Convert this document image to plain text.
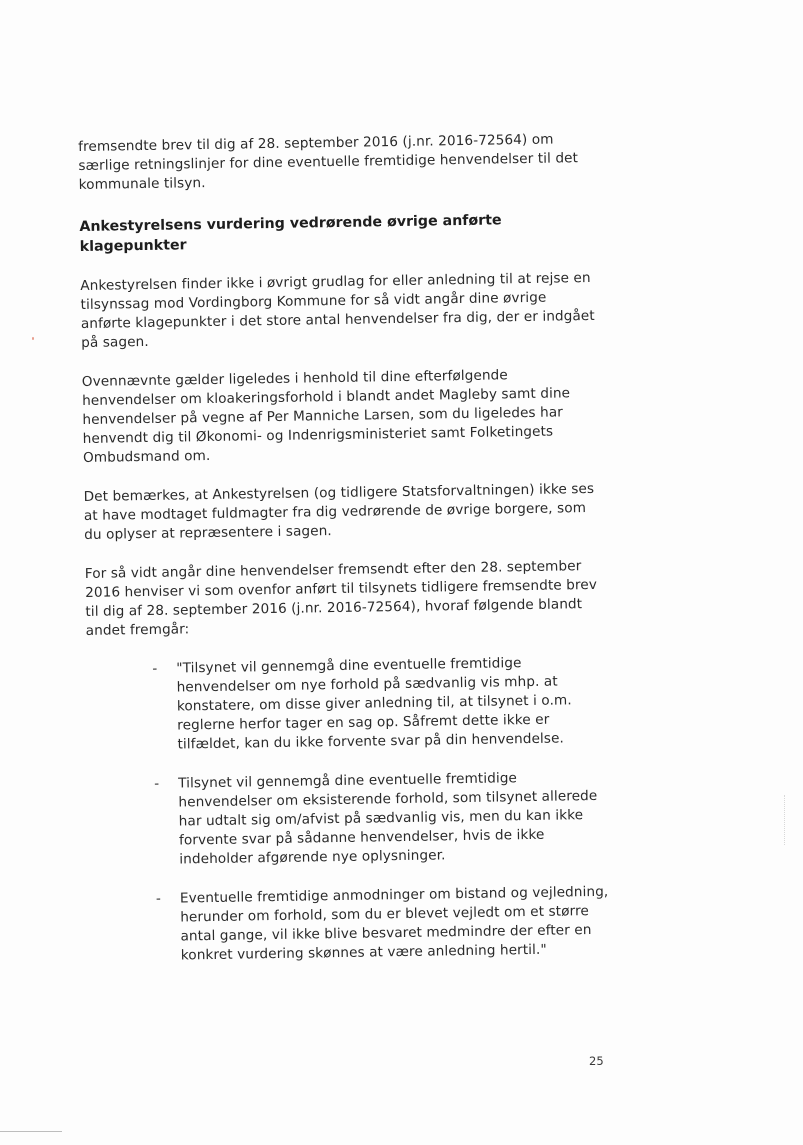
fremsendte brev til dig af 28. september 2016 (j.nr. 2016-72564) om særlige retningslinjer for dine eventuelle fremtidige henvendelser til det kommunale tilsyn.

Ankestyrelsens vurdering vedrørende øvrige anførte klagepunkter

Ankestyrelsen finder ikke i øvrigt grudlag for eller anledning til at rejse en tilsynssag mod Vordingborg Kommune for så vidt angår dine øvrige anførte klagepunkter i det store antal henvendelser fra dig, der er indgået på sagen.

Ovennævnte gælder ligeledes i henhold til dine efterfølgende henvendelser om kloakeringsforhold i blandt andet Magleby samt dine henvendelser på vegne af Per Manniche Larsen, som du ligeledes har henvendt dig til Økonomi- og Indenrigsministeriet samt Folketingets Ombudsmand om.

Det bemærkes, at Ankestyrelsen (og tidligere Statsforvaltningen) ikke ses at have modtaget fuldmagter fra dig vedrørende de øvrige borgere, som du oplyser at repræsentere i sagen.

For så vidt angår dine henvendelser fremsendt efter den 28. september 2016 henviser vi som ovenfor anført til tilsynets tidligere fremsendte brev til dig af 28. september 2016 (j.nr. 2016-72564), hvoraf følgende blandt andet fremgår:

- "Tilsynet vil gennemgå dine eventuelle fremtidige henvendelser om nye forhold på sædvanlig vis mhp. at konstatere, om disse giver anledning til, at tilsynet i o.m. reglerne herfor tager en sag op. Såfremt dette ikke er tilfældet, kan du ikke forvente svar på din henvendelse.
- Tilsynet vil gennemgå dine eventuelle fremtidige henvendelser om eksisterende forhold, som tilsynet allerede har udtalt sig om/afvist på sædvanlig vis, men du kan ikke forvente svar på sådanne henvendelser, hvis de ikke indeholder afgørende nye oplysninger.
- Eventuelle fremtidige anmodninger om bistand og vejledning, herunder om forhold, som du er blevet vejledt om et større antal gange, vil ikke blive besvaret medmindre der efter en konkret vurdering skønnes at være anledning hertil."
25
